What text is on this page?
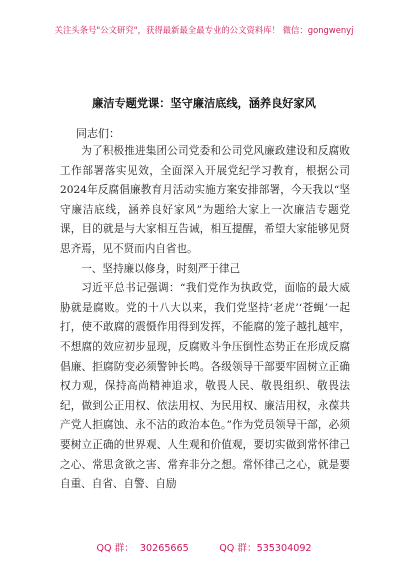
关注头条号"公文研究"，获得最新最全最专业的公文资料库！ 微信：gongwenyj
廉洁专题党课：坚守廉洁底线，涵养良好家风
同志们：

为了积极推进集团公司党委和公司党风廉政建设和反腐败工作部署落实见效，全面深入开展党纪学习教育，根据公司2024年反腐倡廉教育月活动实施方案安排部署，今天我以“坚守廉洁底线，涵养良好家风”为题给大家上一次廉洁专题党课，目的就是与大家相互告诫，相互提醒，希望大家能够见贤思齐焉，见不贤而内自省也。

一、坚持廉以修身，时刻严于律己

习近平总书记强调：“我们党作为执政党，面临的最大威胁就是腐败。党的十八大以来，我们党坚持‘老虎’‘苍蝇’一起打，使不敢腐的震慑作用得到发挥，不能腐的笼子越扎越牢，不想腐的效应初步显现，反腐败斗争压倒性态势正在形成反腐倡廉、拒腐防变必须警钟长鸣。各级领导干部要牢固树立正确权力观，保持高尚精神追求，敬畏人民、敬畏组织、敬畏法纪，做到公正用权、依法用权、为民用权、廉洁用权，永葆共产党人拒腐蚀、永不沾的政治本色。”作为党员领导干部，必须要树立正确的世界观、人生观和价值观，要切实做到常怀律己之心、常思贪欲之害、常弃非分之想。常怀律己之心，就是要自重、自省、自警、自励

QQ 群：  30265665	QQ 群：535304092
